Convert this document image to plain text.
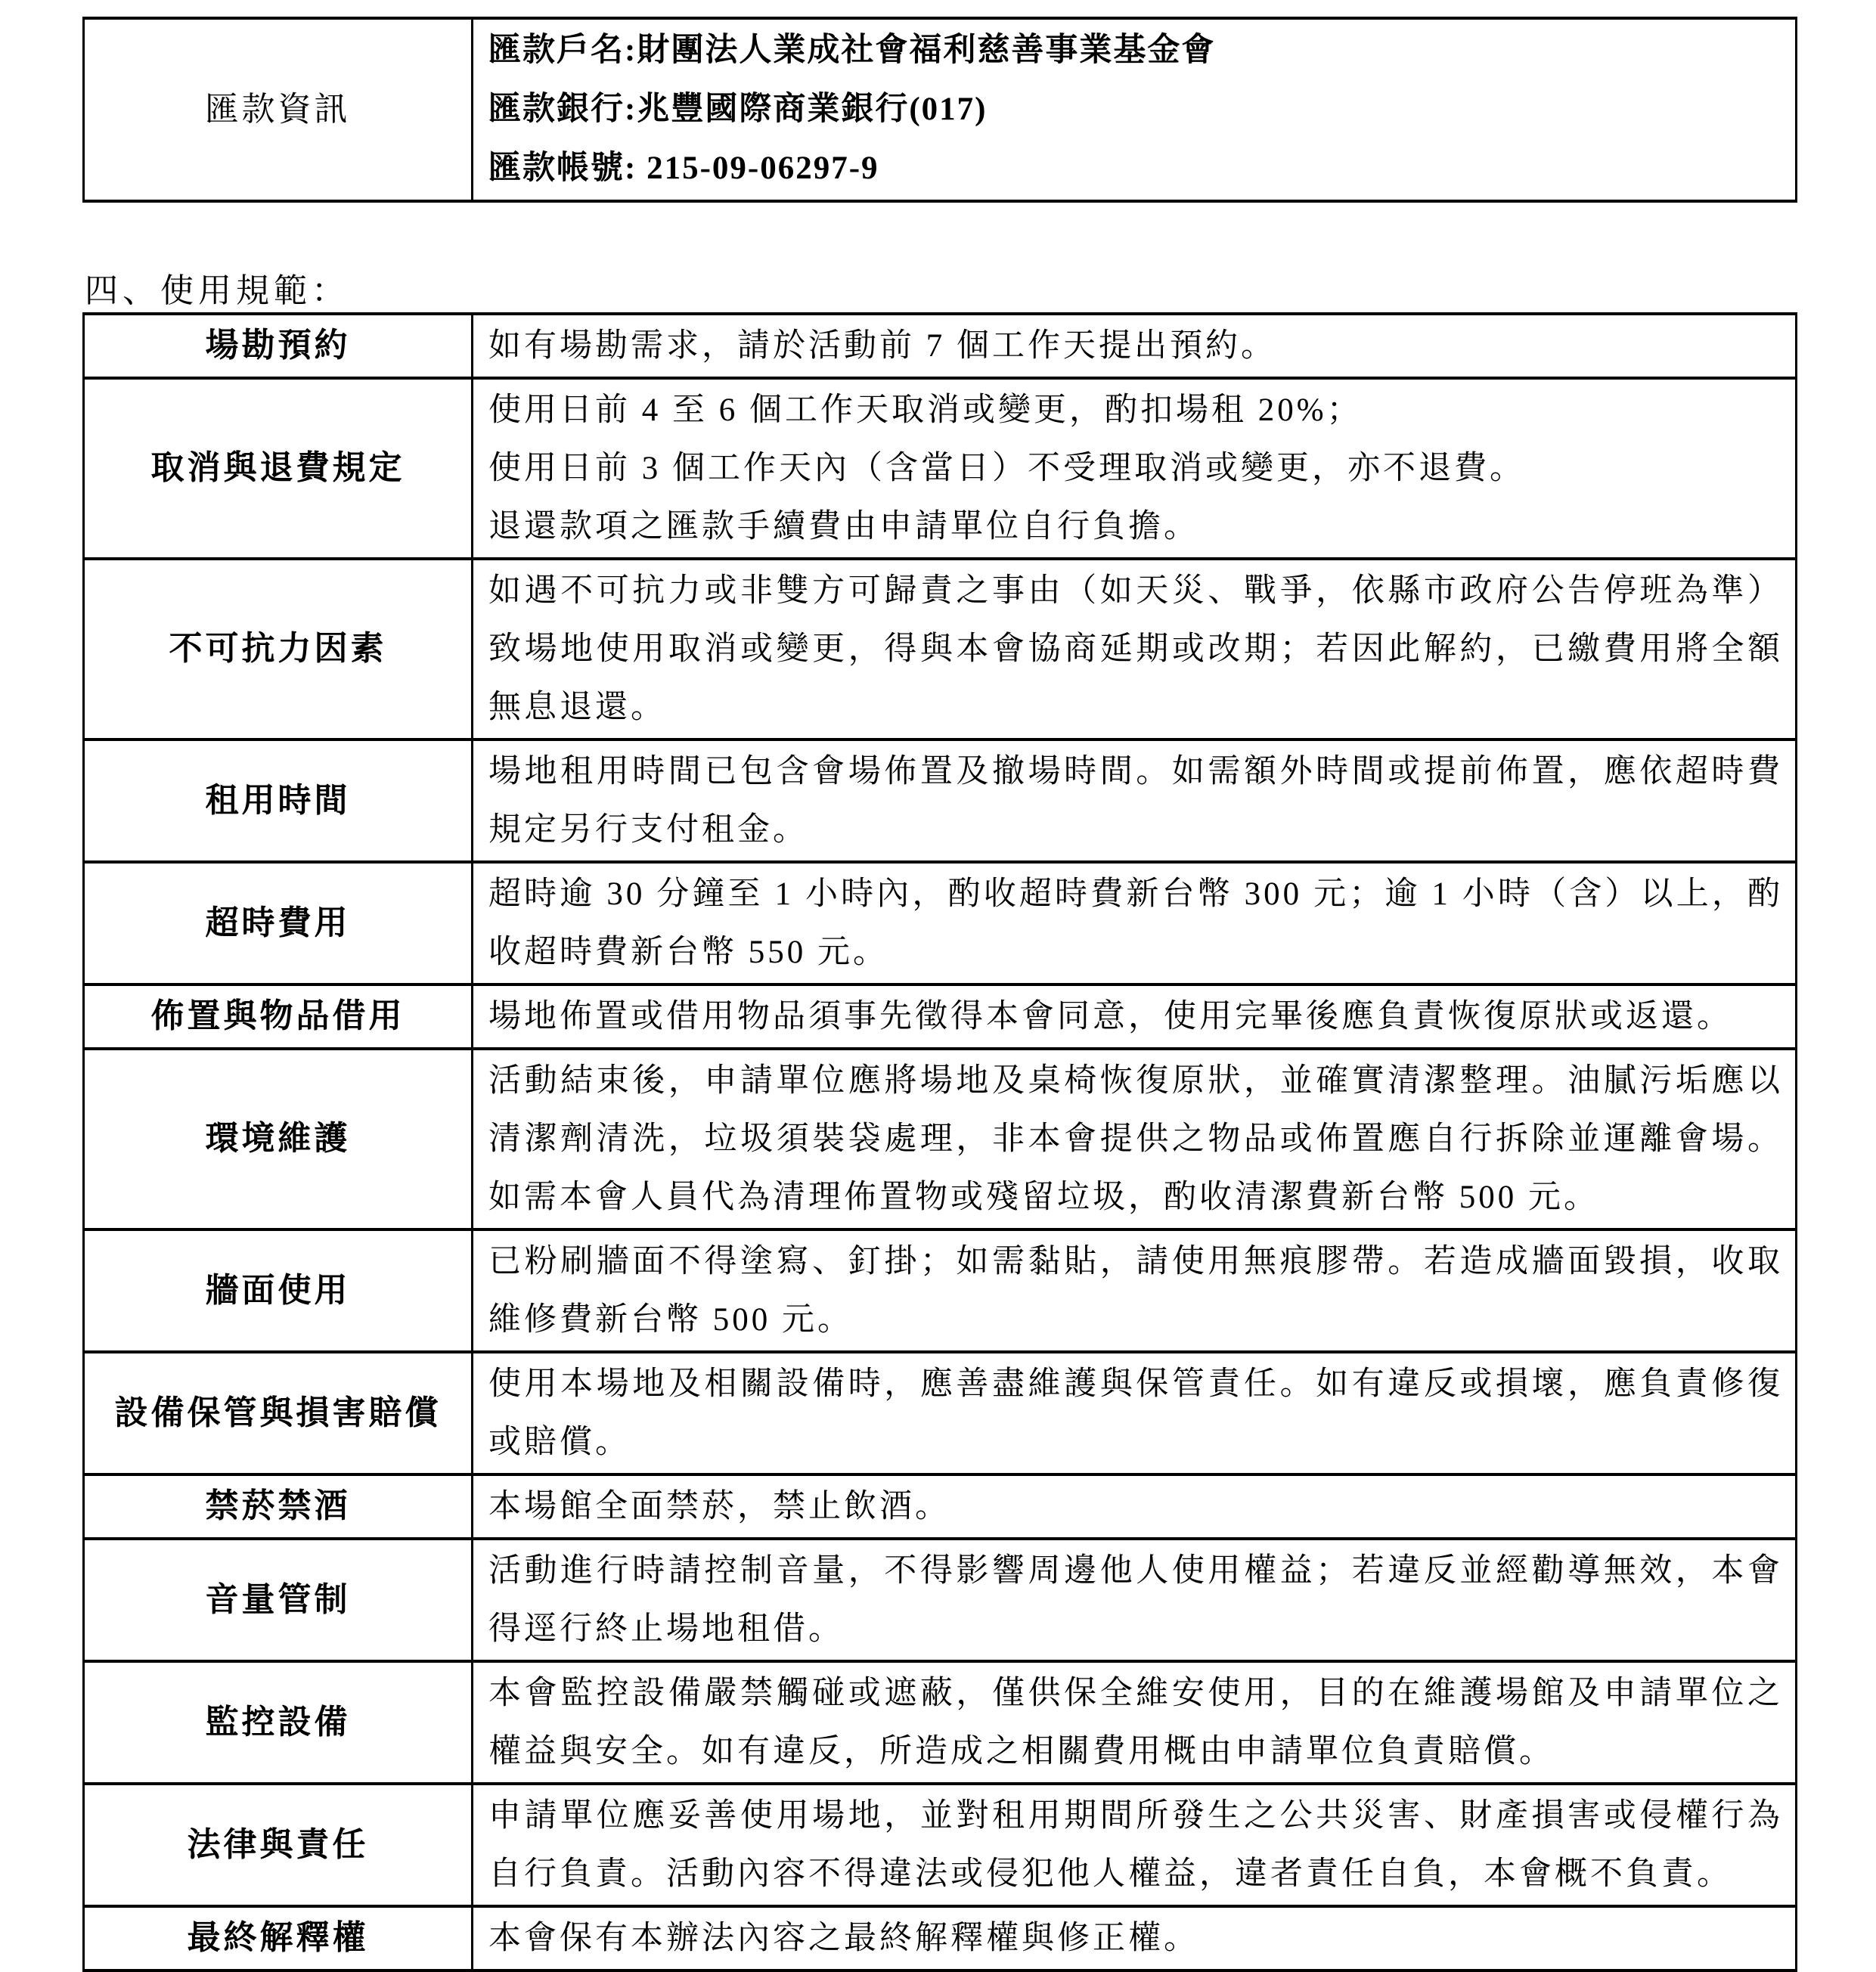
匯款資訊	
匯款戶名:財團法人業成社會福利慈善事業基金會
匯款銀行:兆豐國際商業銀行(017)
匯款帳號: 215-09-06297-9
四、使用規範：
場勘預約	如有場勘需求，請於活動前 7 個工作天提出預約。

取消與退費規定	使用日前 4 至 6 個工作天取消或變更，酌扣場租 20%；
使用日前 3 個工作天內（含當日）不受理取消或變更，亦不退費。
退還款項之匯款手續費由申請單位自行負擔。

不可抗力因素	如遇不可抗力或非雙方可歸責之事由（如天災、戰爭，依縣市政府公告停班為準）致場地使用取消或變更，得與本會協商延期或改期；若因此解約，已繳費用將全額無息退還。

租用時間	場地租用時間已包含會場佈置及撤場時間。如需額外時間或提前佈置，應依超時費規定另行支付租金。

超時費用	超時逾 30 分鐘至 1 小時內，酌收超時費新台幣 300 元；逾 1 小時（含）以上，酌收超時費新台幣 550 元。

佈置與物品借用	場地佈置或借用物品須事先徵得本會同意，使用完畢後應負責恢復原狀或返還。

環境維護	活動結束後，申請單位應將場地及桌椅恢復原狀，並確實清潔整理。油膩污垢應以清潔劑清洗，垃圾須裝袋處理，非本會提供之物品或佈置應自行拆除並運離會場。如需本會人員代為清理佈置物或殘留垃圾，酌收清潔費新台幣 500 元。

牆面使用	已粉刷牆面不得塗寫、釘掛；如需黏貼，請使用無痕膠帶。若造成牆面毀損，收取維修費新台幣 500 元。

設備保管與損害賠償	使用本場地及相關設備時，應善盡維護與保管責任。如有違反或損壞，應負責修復或賠償。

禁菸禁酒	本場館全面禁菸，禁止飲酒。

音量管制	活動進行時請控制音量，不得影響周邊他人使用權益；若違反並經勸導無效，本會得逕行終止場地租借。

監控設備	本會監控設備嚴禁觸碰或遮蔽，僅供保全維安使用，目的在維護場館及申請單位之權益與安全。如有違反，所造成之相關費用概由申請單位負責賠償。

法律與責任	申請單位應妥善使用場地，並對租用期間所發生之公共災害、財產損害或侵權行為自行負責。活動內容不得違法或侵犯他人權益，違者責任自負，本會概不負責。

最終解釋權	本會保有本辦法內容之最終解釋權與修正權。
